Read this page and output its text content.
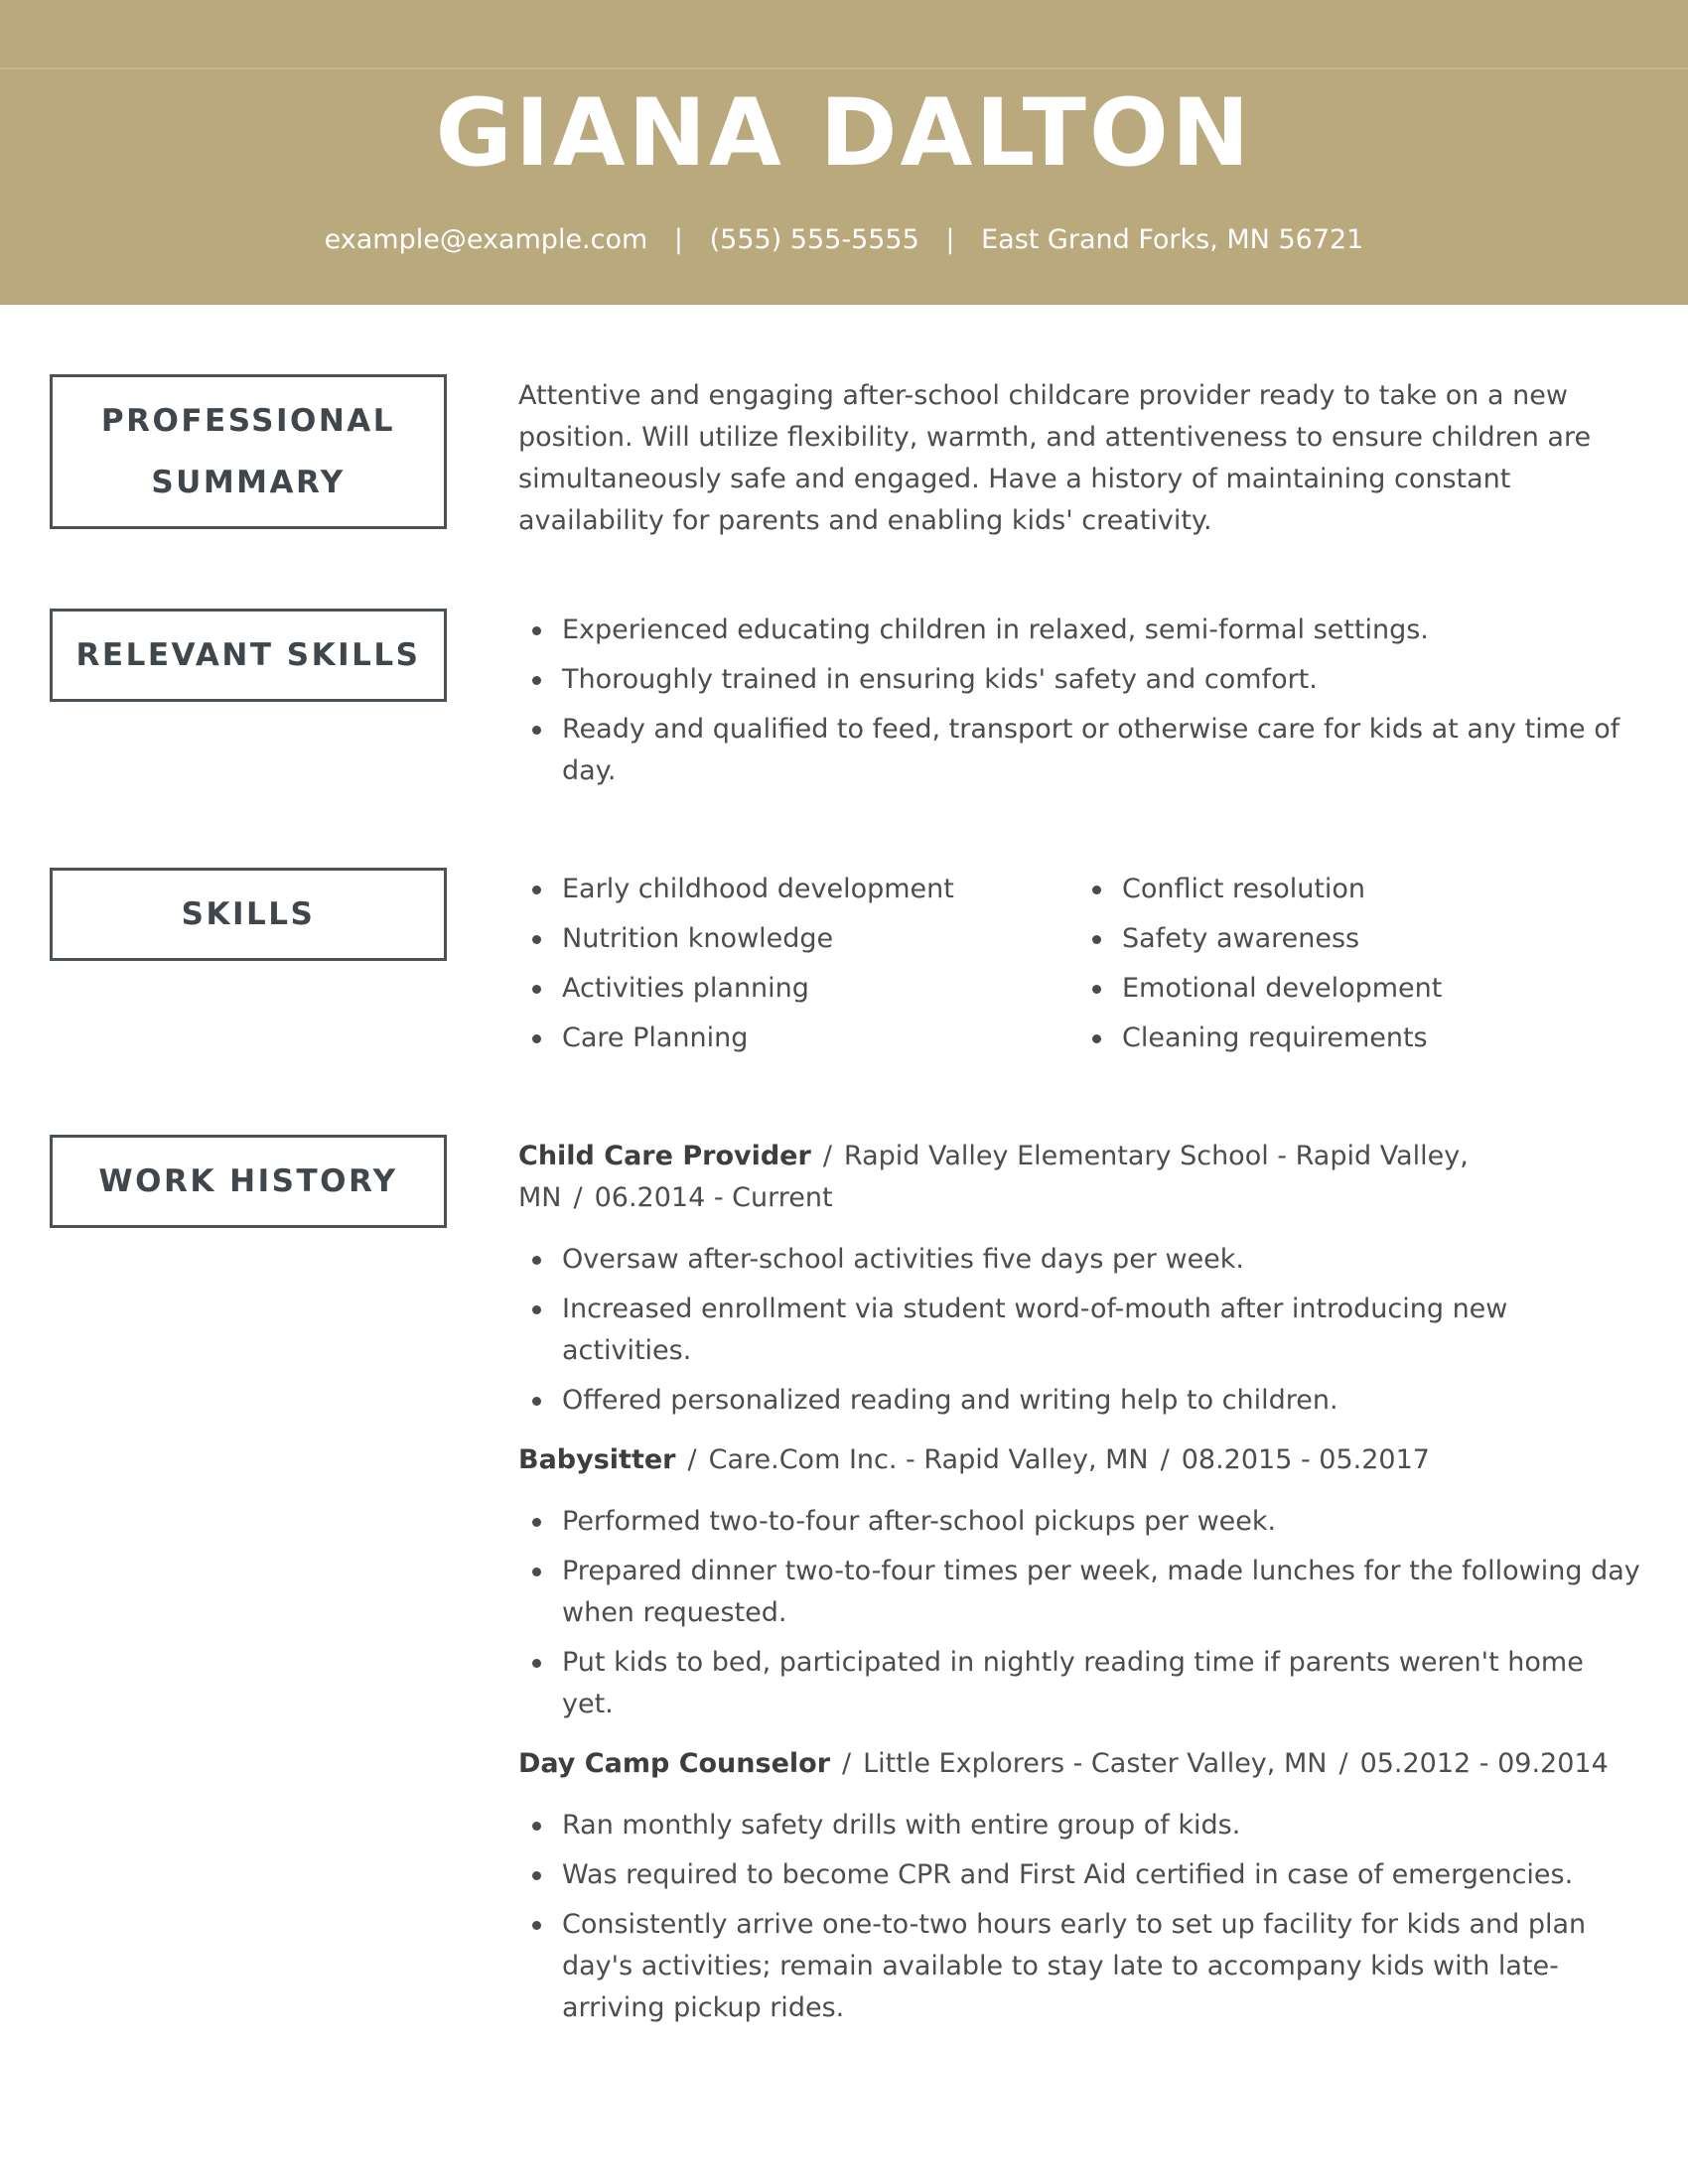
GIANA DALTON
example@example.com | (555) 555-5555 | East Grand Forks, MN 56721
PROFESSIONAL
SUMMARY

Attentive and engaging after-school childcare provider ready to take on a new position. Will utilize flexibility, warmth, and attentiveness to ensure children are simultaneously safe and engaged. Have a history of maintaining constant availability for parents and enabling kids' creativity.

RELEVANT SKILLS
Experienced educating children in relaxed, semi-formal settings.
Thoroughly trained in ensuring kids' safety and comfort.
Ready and qualified to feed, transport or otherwise care for kids at any time of day.
SKILLS
Early childhood development
Nutrition knowledge
Activities planning
Care Planning
Conflict resolution
Safety awareness
Emotional development
Cleaning requirements
WORK HISTORY

Child Care Provider / Rapid Valley Elementary School - Rapid Valley, MN / 06.2014 - Current

Oversaw after-school activities five days per week.
Increased enrollment via student word-of-mouth after introducing new activities.
Offered personalized reading and writing help to children.

Babysitter / Care.Com Inc. - Rapid Valley, MN / 08.2015 - 05.2017

Performed two-to-four after-school pickups per week.
Prepared dinner two-to-four times per week, made lunches for the following day when requested.
Put kids to bed, participated in nightly reading time if parents weren't home yet.

Day Camp Counselor / Little Explorers - Caster Valley, MN / 05.2012 - 09.2014

Ran monthly safety drills with entire group of kids.
Was required to become CPR and First Aid certified in case of emergencies.
Consistently arrive one-to-two hours early to set up facility for kids and plan day's activities; remain available to stay late to accompany kids with late-arriving pickup rides.
